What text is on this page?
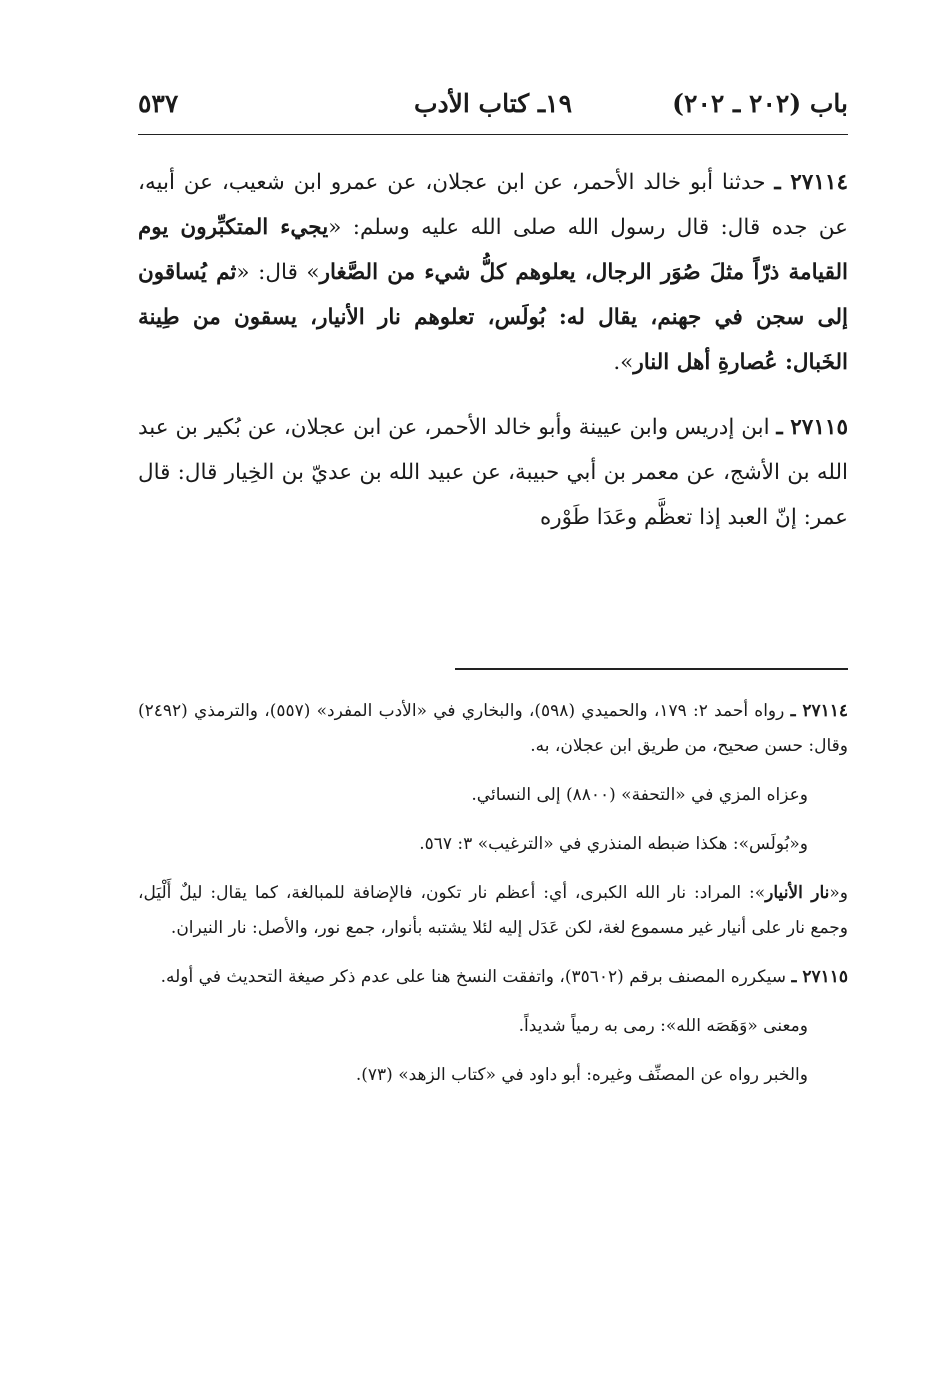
باب (٢٠٢ ـ ٢٠٢)
١٩ـ كتاب الأدب
٥٣٧

٢٧١١٤ ـ حدثنا أبو خالد الأحمر، عن ابن عجلان، عن عمرو ابن شعيب، عن أبيه، عن جده قال: قال رسول الله صلى الله عليه وسلم: «يجيء المتكبِّرون يوم القيامة ذرّاً مثلَ صُوَر الرجال، يعلوهم كلُّ شيء من الصَّغار» قال: «ثم يُساقون إلى سجن في جهنم، يقال له: بُولَس، تعلوهم نار الأنيار، يسقون من طِينة الخَبال: عُصارةِ أهل النار».

٢٧١١٥ ـ ابن إدريس وابن عيينة وأبو خالد الأحمر، عن ابن عجلان، عن بُكير بن عبد الله بن الأشج، عن معمر بن أبي حبيبة، عن عبيد الله بن عديّ بن الخِيار قال: قال عمر: إنّ العبد إذا تعظَّم وعَدَا طَوْره

٢٧١١٤ ـ رواه أحمد ٢: ١٧٩، والحميدي (٥٩٨)، والبخاري في «الأدب المفرد» (٥٥٧)، والترمذي (٢٤٩٢) وقال: حسن صحيح، من طريق ابن عجلان، به.

وعزاه المزي في «التحفة» (٨٨٠٠) إلى النسائي.

و«بُولَس»: هكذا ضبطه المنذري في «الترغيب» ٣: ٥٦٧.

و«نار الأنيار»: المراد: نار الله الكبرى، أي: أعظم نار تكون، فالإضافة للمبالغة، كما يقال: ليلٌ أَلْيَل، وجمع نار على أنيار غير مسموع لغة، لكن عَدَل إليه لئلا يشتبه بأنوار، جمع نور، والأصل: نار النيران.

٢٧١١٥ ـ سيكرره المصنف برقم (٣٥٦٠٢)، واتفقت النسخ هنا على عدم ذكر صيغة التحديث في أوله.

ومعنى «وَهَصَه الله»: رمى به رمياً شديداً.

والخبر رواه عن المصنِّف وغيره: أبو داود في «كتاب الزهد» (٧٣).
